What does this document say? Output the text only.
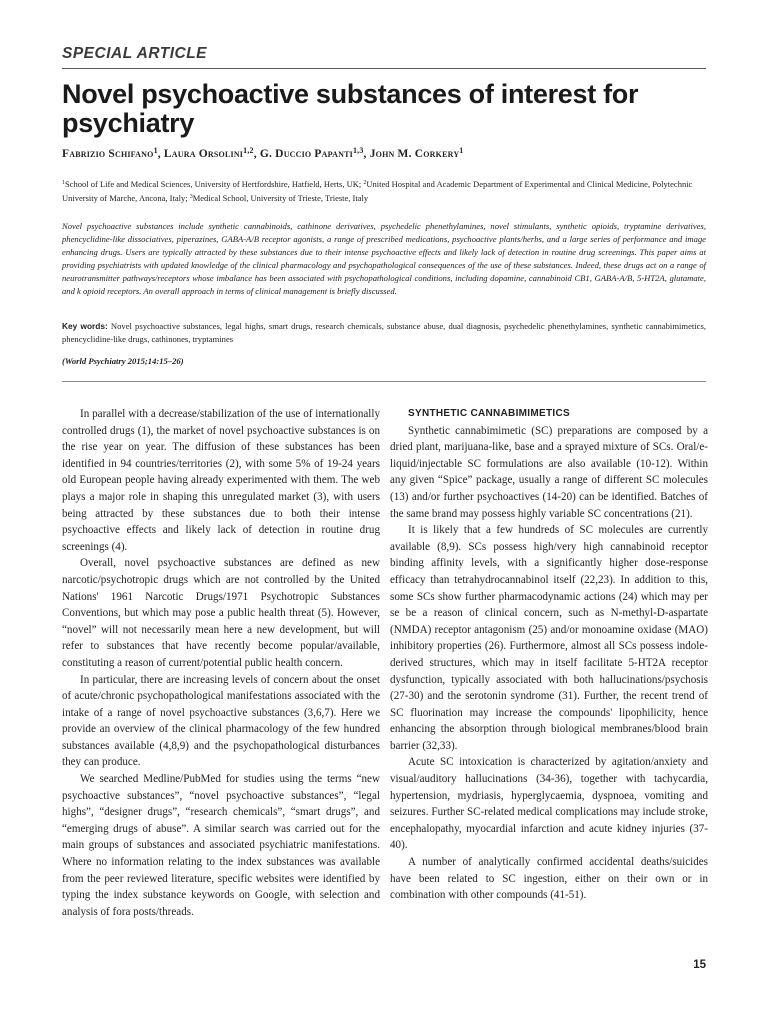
SPECIAL ARTICLE
Novel psychoactive substances of interest for psychiatry
Fabrizio Schifano$^1$, Laura Orsolini$^{1,2}$, G. Duccio Papanti$^{1,3}$, John M. Corkery$^1$
$^1$School of Life and Medical Sciences, University of Hertfordshire, Hatfield, Herts, UK; $^2$United Hospital and Academic Department of Experimental and Clinical Medicine, Polytechnic University of Marche, Ancona, Italy; $^3$Medical School, University of Trieste, Trieste, Italy

Novel psychoactive substances include synthetic cannabinoids, cathinone derivatives, psychedelic phenethylamines, novel stimulants, synthetic opioids, tryptamine derivatives, phencyclidine-like dissociatives, piperazines, GABA-A/B receptor agonists, a range of prescribed medications, psychoactive plants/herbs, and a large series of performance and image enhancing drugs. Users are typically attracted by these substances due to their intense psychoactive effects and likely lack of detection in routine drug screenings. This paper aims at providing psychiatrists with updated knowledge of the clinical pharmacology and psychopathological consequences of the use of these substances. Indeed, these drugs act on a range of neurotransmitter pathways/receptors whose imbalance has been associated with psychopathological conditions, including dopamine, cannabinoid CB1, GABA-A/B, 5-HT2A, glutamate, and k opioid receptors. An overall approach in terms of clinical management is briefly discussed.

Key words: Novel psychoactive substances, legal highs, smart drugs, research chemicals, substance abuse, dual diagnosis, psychedelic phenethylamines, synthetic cannabimimetics, phencyclidine-like drugs, cathinones, tryptamines
(World Psychiatry 2015;14:15–26)

In parallel with a decrease/stabilization of the use of internationally controlled drugs (1), the market of novel psychoactive substances is on the rise year on year. The diffusion of these substances has been identified in 94 countries/territories (2), with some 5% of 19-24 years old European people having already experimented with them. The web plays a major role in shaping this unregulated market (3), with users being attracted by these substances due to both their intense psychoactive effects and likely lack of detection in routine drug screenings (4).

Overall, novel psychoactive substances are defined as new narcotic/psychotropic drugs which are not controlled by the United Nations' 1961 Narcotic Drugs/1971 Psychotropic Substances Conventions, but which may pose a public health threat (5). However, “novel” will not necessarily mean here a new development, but will refer to substances that have recently become popular/available, constituting a reason of current/potential public health concern.

In particular, there are increasing levels of concern about the onset of acute/chronic psychopathological manifestations associated with the intake of a range of novel psychoactive substances (3,6,7). Here we provide an overview of the clinical pharmacology of the few hundred substances available (4,8,9) and the psychopathological disturbances they can produce.

We searched Medline/PubMed for studies using the terms “new psychoactive substances”, “novel psychoactive substances”, “legal highs”, “designer drugs”, “research chemicals”, “smart drugs”, and “emerging drugs of abuse”. A similar search was carried out for the main groups of substances and associated psychiatric manifestations. Where no information relating to the index substances was available from the peer reviewed literature, specific websites were identified by typing the index substance keywords on Google, with selection and analysis of fora posts/threads.

SYNTHETIC CANNABIMIMETICS

Synthetic cannabimimetic (SC) preparations are composed by a dried plant, marijuana-like, base and a sprayed mixture of SCs. Oral/e-liquid/injectable SC formulations are also available (10-12). Within any given “Spice” package, usually a range of different SC molecules (13) and/or further psychoactives (14-20) can be identified. Batches of the same brand may possess highly variable SC concentrations (21).

It is likely that a few hundreds of SC molecules are currently available (8,9). SCs possess high/very high cannabinoid receptor binding affinity levels, with a significantly higher dose-response efficacy than tetrahydrocannabinol itself (22,23). In addition to this, some SCs show further pharmacodynamic actions (24) which may per se be a reason of clinical concern, such as N-methyl-D-aspartate (NMDA) receptor antagonism (25) and/or monoamine oxidase (MAO) inhibitory properties (26). Furthermore, almost all SCs possess indole-derived structures, which may in itself facilitate 5-HT2A receptor dysfunction, typically associated with both hallucinations/psychosis (27-30) and the serotonin syndrome (31). Further, the recent trend of SC fluorination may increase the compounds' lipophilicity, hence enhancing the absorption through biological membranes/blood brain barrier (32,33).

Acute SC intoxication is characterized by agitation/anxiety and visual/auditory hallucinations (34-36), together with tachycardia, hypertension, mydriasis, hyperglycaemia, dyspnoea, vomiting and seizures. Further SC-related medical complications may include stroke, encephalopathy, myocardial infarction and acute kidney injuries (37-40).

A number of analytically confirmed accidental deaths/suicides have been related to SC ingestion, either on their own or in combination with other compounds (41-51).

15
